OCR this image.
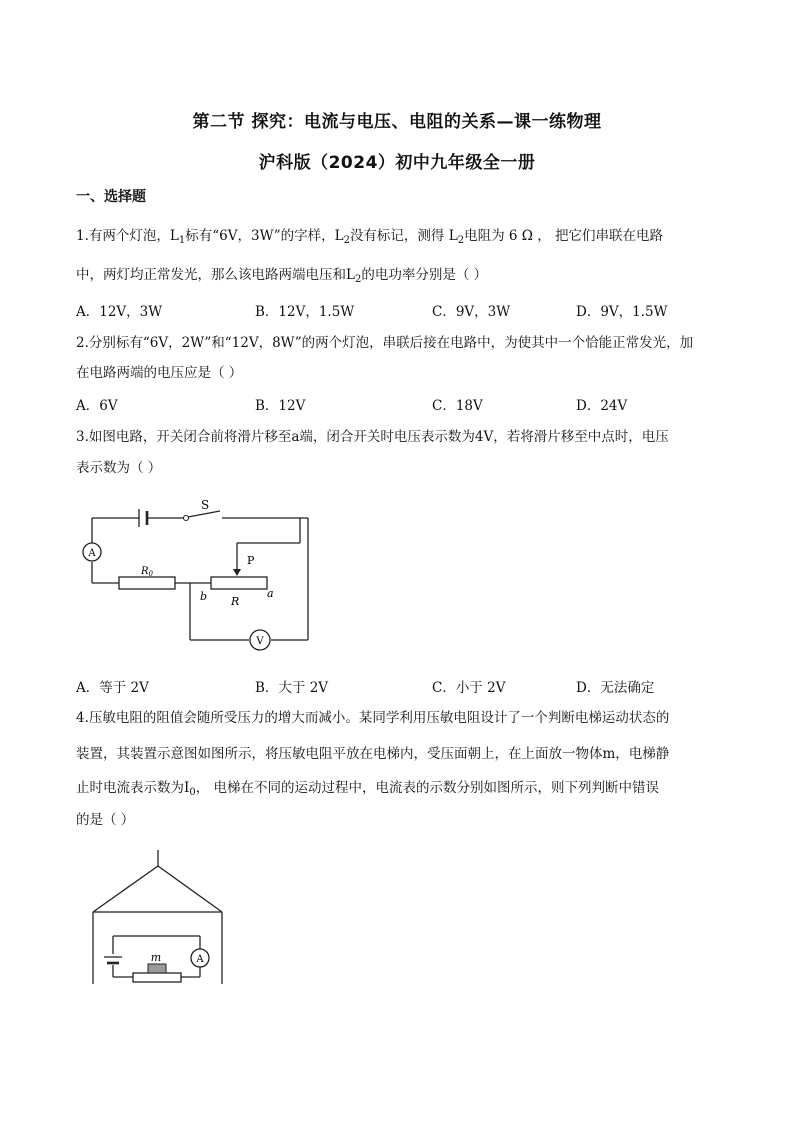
第二节 探究：电流与电压、电阻的关系—课一练物理
沪科版（2024）初中九年级全一册
一、选择题
1.有两个灯泡，$L_1$标有“6V，3W”的字样，$L_2$没有标记，测得 $L_2$电阻为 6 Ω ， 把它们串联在电路
中，两灯均正常发光，那么该电路两端电压和$L_2$的电功率分别是（ ）
A．12V，3W	B．12V，1.5W	C．9V，3W	D．9V，1.5W
2.分别标有“6V，2W”和“12V，8W”的两个灯泡，串联后接在电路中，为使其中一个恰能正常发光，加
在电路两端的电压应是（ ）
A．6V	B．12V	C．18V	D．24V
3.如图电路，开关闭合前将滑片移至a端，闭合开关时电压表示数为4V，若将滑片移至中点时，电压
表示数为（ ）
S
A
$R_0$
P
b R
a
V
A．等于 2V	B．大于 2V	C．小于 2V	D．无法确定
4.压敏电阻的阻值会随所受压力的增大而减小。某同学利用压敏电阻设计了一个判断电梯运动状态的
装置，其装置示意图如图所示，将压敏电阻平放在电梯内，受压面朝上，在上面放一物体m，电梯静
止时电流表示数为$I_0$， 电梯在不同的运动过程中，电流表的示数分别如图所示，则下列判断中错误
的是（ ）
A
m
